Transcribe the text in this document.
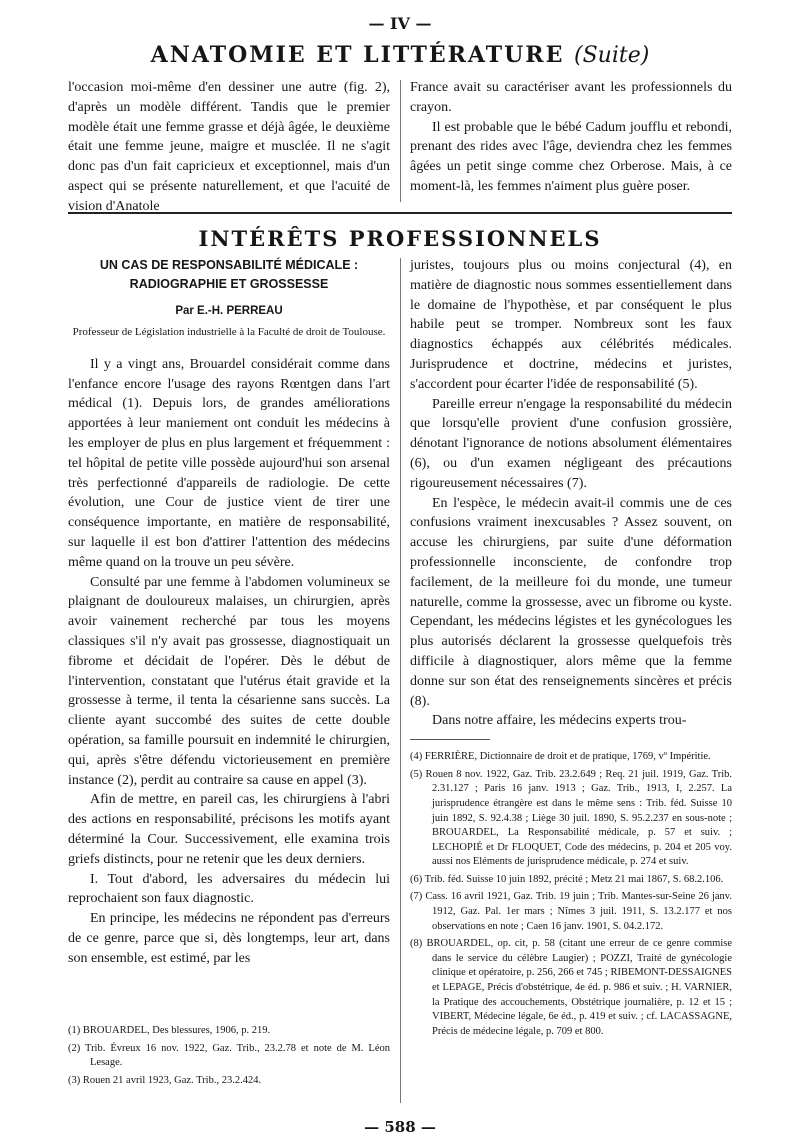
— IV —
ANATOMIE ET LITTÉRATURE (Suite)

l'occasion moi-même d'en dessiner une autre (fig. 2), d'après un modèle différent. Tandis que le premier modèle était une femme grasse et déjà âgée, le deuxième était une femme jeune, maigre et musclée. Il ne s'agit donc pas d'un fait capricieux et exceptionnel, mais d'un aspect qui se présente naturellement, et que l'acuité de vision d'Anatole

France avait su caractériser avant les professionnels du crayon.

Il est probable que le bébé Cadum joufflu et rebondi, prenant des rides avec l'âge, deviendra chez les femmes âgées un petit singe comme chez Orberose. Mais, à ce moment-là, les femmes n'aiment plus guère poser.

INTÉRÊTS PROFESSIONNELS
UN CAS DE RESPONSABILITÉ MÉDICALE :
RADIOGRAPHIE ET GROSSESSE
Par E.-H. PERREAU
Professeur de Législation industrielle à la Faculté de droit de Toulouse.

Il y a vingt ans, Brouardel considérait comme dans l'enfance encore l'usage des rayons Rœntgen dans l'art médical (1). Depuis lors, de grandes améliorations apportées à leur maniement ont conduit les médecins à les employer de plus en plus largement et fréquemment : tel hôpital de petite ville possède aujourd'hui son arsenal très perfectionné d'appareils de radiologie. De cette évolution, une Cour de justice vient de tirer une conséquence importante, en matière de responsabilité, sur laquelle il est bon d'attirer l'attention des médecins même quand on la trouve un peu sévère.

Consulté par une femme à l'abdomen volumineux se plaignant de douloureux malaises, un chirurgien, après avoir vainement recherché par tous les moyens classiques s'il n'y avait pas grossesse, diagnostiquait un fibrome et décidait de l'opérer. Dès le début de l'intervention, constatant que l'utérus était gravide et la grossesse à terme, il tenta la césarienne sans succès. La cliente ayant succombé des suites de cette double opération, sa famille poursuit en indemnité le chirurgien, qui, après s'être défendu victorieusement en première instance (2), perdit au contraire sa cause en appel (3).

Afin de mettre, en pareil cas, les chirurgiens à l'abri des actions en responsabilité, précisons les motifs ayant déterminé la Cour. Successivement, elle examina trois griefs distincts, pour ne retenir que les deux derniers.

I. Tout d'abord, les adversaires du médecin lui reprochaient son faux diagnostic.

En principe, les médecins ne répondent pas d'erreurs de ce genre, parce que si, dès longtemps, leur art, dans son ensemble, est estimé, par les

(1) BROUARDEL, Des blessures, 1906, p. 219.
(2) Trib. Évreux 16 nov. 1922, Gaz. Trib., 23.2.78 et note de M. Léon Lesage.
(3) Rouen 21 avril 1923, Gaz. Trib., 23.2.424.

juristes, toujours plus ou moins conjectural (4), en matière de diagnostic nous sommes essentiellement dans le domaine de l'hypothèse, et par conséquent le plus habile peut se tromper. Nombreux sont les faux diagnostics échappés aux célébrités médicales. Jurisprudence et doctrine, médecins et juristes, s'accordent pour écarter l'idée de responsabilité (5).

Pareille erreur n'engage la responsabilité du médecin que lorsqu'elle provient d'une confusion grossière, dénotant l'ignorance de notions absolument élémentaires (6), ou d'un examen négligeant des précautions rigoureusement nécessaires (7).

En l'espèce, le médecin avait-il commis une de ces confusions vraiment inexcusables ? Assez souvent, on accuse les chirurgiens, par suite d'une déformation professionnelle inconsciente, de confondre trop facilement, de la meilleure foi du monde, une tumeur naturelle, comme la grossesse, avec un fibrome ou kyste. Cependant, les médecins légistes et les gynécologues les plus autorisés déclarent la grossesse quelquefois très difficile à diagnostiquer, alors même que la femme donne sur son état des renseignements sincères et précis (8).

Dans notre affaire, les médecins experts trou-

(4) FERRIÈRE, Dictionnaire de droit et de pratique, 1769, vº Impéritie.
(5) Rouen 8 nov. 1922, Gaz. Trib. 23.2.649 ; Req. 21 juil. 1919, Gaz. Trib. 2.31.127 ; Paris 16 janv. 1913 ; Gaz. Trib., 1913, I, 2.257. La jurisprudence étrangère est dans le même sens : Trib. féd. Suisse 10 juin 1892, S. 92.4.38 ; Liège 30 juil. 1890, S. 95.2.237 en sous-note ; BROUARDEL, La Responsabilité médicale, p. 57 et suiv. ; LECHOPIÉ et Dr FLOQUET, Code des médecins, p. 204 et 205 voy. aussi nos Eléments de jurisprudence médicale, p. 274 et suiv.
(6) Trib. féd. Suisse 10 juin 1892, précité ; Metz 21 mai 1867, S. 68.2.106.
(7) Cass. 16 avril 1921, Gaz. Trib. 19 juin ; Trib. Mantes-sur-Seine 26 janv. 1912, Gaz. Pal. 1er mars ; Nîmes 3 juil. 1911, S. 13.2.177 et nos observations en note ; Caen 16 janv. 1901, S. 04.2.172.
(8) BROUARDEL, op. cit, p. 58 (citant une erreur de ce genre commise dans le service du célèbre Laugier) ; POZZI, Traité de gynécologie clinique et opératoire, p. 256, 266 et 745 ; RIBEMONT-DESSAIGNES et LEPAGE, Précis d'obstétrique, 4e éd. p. 986 et suiv. ; H. VARNIER, la Pratique des accouchements, Obstétrique journalière, p. 12 et 15 ; VIBERT, Médecine légale, 6e éd., p. 419 et suiv. ; cf. LACASSAGNE, Précis de médecine légale, p. 709 et 800.
— 588 —
